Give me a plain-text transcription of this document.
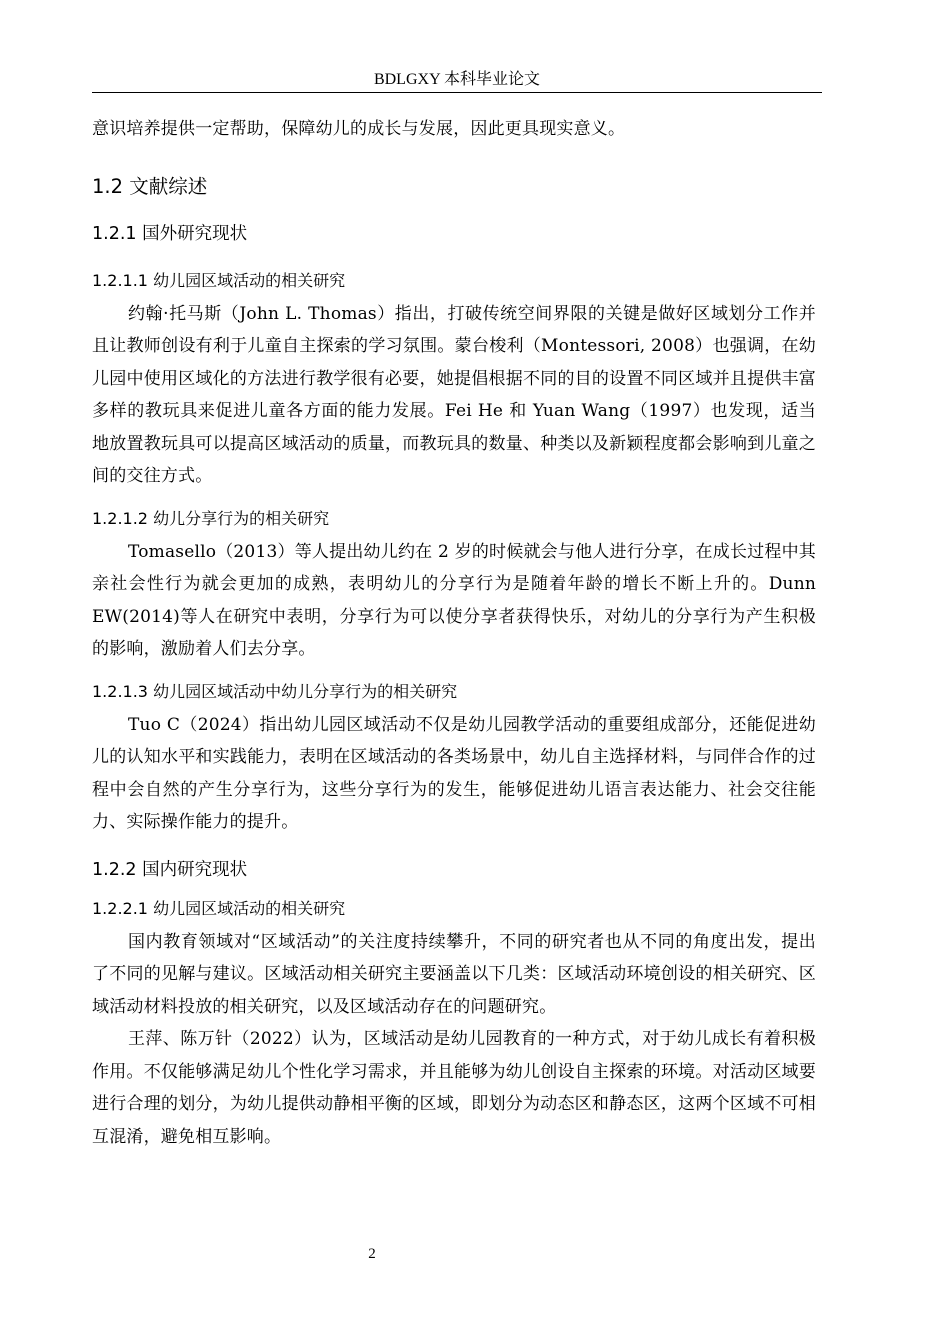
BDLGXY 本科毕业论文

意识培养提供一定帮助，保障幼儿的成长与发展，因此更具现实意义。

1.2 文献综述
1.2.1 国外研究现状
1.2.1.1 幼儿园区域活动的相关研究

约翰·托马斯（John L. Thomas）指出，打破传统空间界限的关键是做好区域划分工作并且让教师创设有利于儿童自主探索的学习氛围。蒙台梭利（Montessori, 2008）也强调，在幼儿园中使用区域化的方法进行教学很有必要，她提倡根据不同的目的设置不同区域并且提供丰富多样的教玩具来促进儿童各方面的能力发展。Fei He 和 Yuan Wang（1997）也发现，适当地放置教玩具可以提高区域活动的质量，而教玩具的数量、种类以及新颖程度都会影响到儿童之间的交往方式。

1.2.1.2 幼儿分享行为的相关研究

Tomasello（2013）等人提出幼儿约在 2 岁的时候就会与他人进行分享，在成长过程中其亲社会性行为就会更加的成熟，表明幼儿的分享行为是随着年龄的增长不断上升的。Dunn EW(2014)等人在研究中表明，分享行为可以使分享者获得快乐，对幼儿的分享行为产生积极的影响，激励着人们去分享。

1.2.1.3 幼儿园区域活动中幼儿分享行为的相关研究

Tuo C（2024）指出幼儿园区域活动不仅是幼儿园教学活动的重要组成部分，还能促进幼儿的认知水平和实践能力，表明在区域活动的各类场景中，幼儿自主选择材料，与同伴合作的过程中会自然的产生分享行为，这些分享行为的发生，能够促进幼儿语言表达能力、社会交往能力、实际操作能力的提升。

1.2.2 国内研究现状
1.2.2.1 幼儿园区域活动的相关研究

国内教育领域对“区域活动”的关注度持续攀升，不同的研究者也从不同的角度出发，提出了不同的见解与建议。区域活动相关研究主要涵盖以下几类：区域活动环境创设的相关研究、区域活动材料投放的相关研究，以及区域活动存在的问题研究。

王萍、陈万针（2022）认为，区域活动是幼儿园教育的一种方式，对于幼儿成长有着积极作用。不仅能够满足幼儿个性化学习需求，并且能够为幼儿创设自主探索的环境。对活动区域要进行合理的划分，为幼儿提供动静相平衡的区域，即划分为动态区和静态区，这两个区域不可相互混淆，避免相互影响。

2
